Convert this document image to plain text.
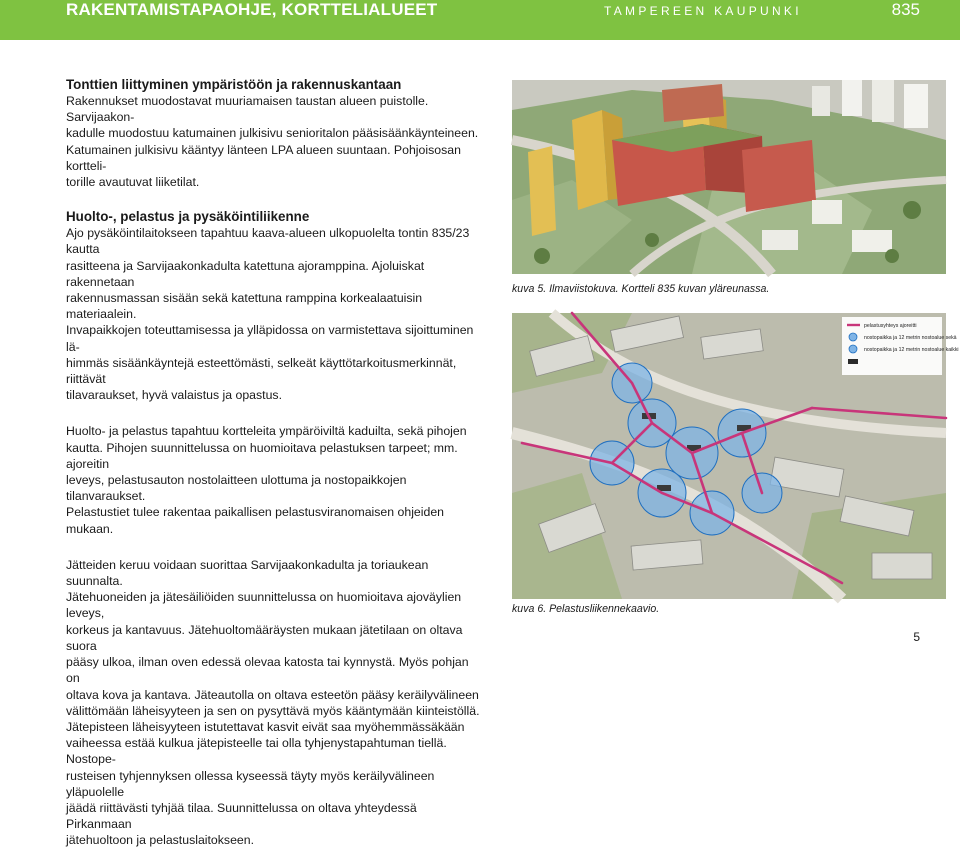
RAKENTAMISTAPAOHJE, KORTTELIALUEET	TAMPEREEN KAUPUNKI	835
Tonttien liittyminen ympäristöön ja rakennuskantaan

Rakennukset muodostavat muuriamaisen taustan alueen puistolle. Sarvijaakon-

kadulle muodostuu katumainen julkisivu senioritalon pääsisäänkäynteineen.

Katumainen julkisivu kääntyy länteen LPA alueen suuntaan. Pohjoisosan kortteli-

torille avautuvat liiketilat.

Huolto-, pelastus ja pysäköintiliikenne

Ajo pysäköintilaitokseen tapahtuu kaava-alueen ulkopuolelta tontin 835/23 kautta

rasitteena ja Sarvijaakonkadulta katettuna ajoramppina. Ajoluiskat rakennetaan

rakennusmassan sisään sekä katettuna ramppina korkealaatuisin materiaalein.

Invapaikkojen toteuttamisessa ja ylläpidossa on varmistettava sijoittuminen lä-

himmäs sisäänkäyntejä esteettömästi, selkeät käyttötarkoitusmerkinnät, riittävät

tilavaraukset, hyvä valaistus ja opastus.

Huolto- ja pelastus tapahtuu kortteleita ympäröiviltä kaduilta, sekä pihojen

kautta. Pihojen suunnittelussa on huomioitava pelastuksen tarpeet; mm. ajoreitin

leveys, pelastusauton nostolaitteen ulottuma ja nostopaikkojen tilanvaraukset.

Pelastustiet tulee rakentaa paikallisen pelastusviranomaisen ohjeiden mukaan.

Jätteiden keruu voidaan suorittaa Sarvijaakonkadulta ja toriaukean suunnalta.

Jätehuoneiden ja jätesäiliöiden suunnittelussa on huomioitava ajoväylien leveys,

korkeus ja kantavuus. Jätehuoltomääräysten mukaan jätetilaan on oltava suora

pääsy ulkoa, ilman oven edessä olevaa katosta tai kynnystä. Myös pohjan on

oltava kova ja kantava. Jäteautolla on oltava esteetön pääsy keräilyvälineen

välittömään läheisyyteen ja sen on pysyttävä myös kääntymään kiinteistöllä.

Jätepisteen läheisyyteen istutettavat kasvit eivät saa myöhemmässäkään

vaiheessa estää kulkua jätepisteelle tai olla tyhjenystapahtuman tiellä. Nostope-

rusteisen tyhjennyksen ollessa kyseessä täyty myös keräilyvälineen yläpuolelle

jäädä riittävästi tyhjää tilaa. Suunnittelussa on oltava yhteydessä Pirkanmaan

jätehuoltoon ja pelastuslaitokseen.

kuva 5. Ilmaviistokuva. Kortteli 835 kuvan yläreunassa.
pelastusyhteys ajoreitti
nostopaikka ja 12 metrin nostoalue sekä
nostopaikka ja 12 metrin nostoalue kaikki
kuva 6. Pelastusliikennekaavio.
5
